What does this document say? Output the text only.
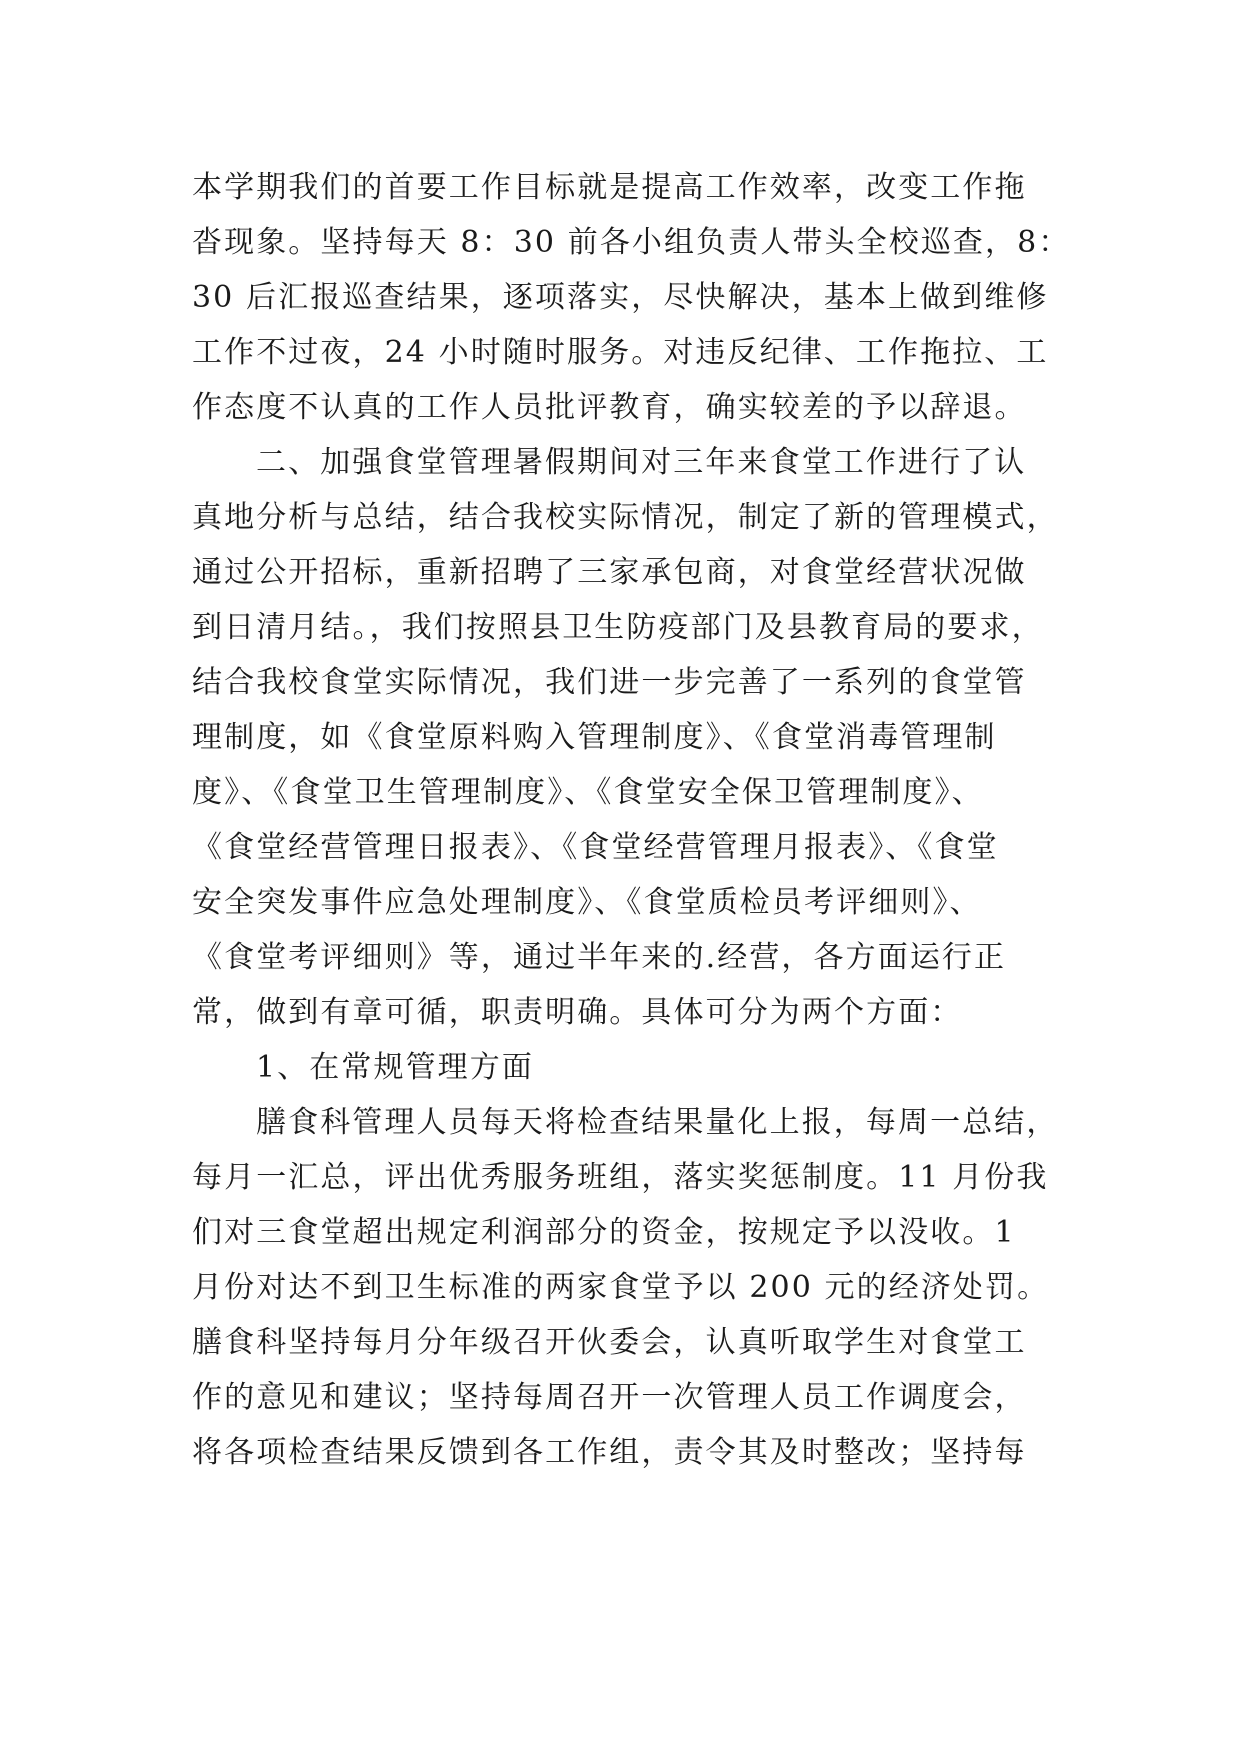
本学期我们的首要工作目标就是提高工作效率，改变工作拖
沓现象。坚持每天 8：30 前各小组负责人带头全校巡查，8：
30 后汇报巡查结果，逐项落实，尽快解决，基本上做到维修
工作不过夜，24 小时随时服务。对违反纪律、工作拖拉、工
作态度不认真的工作人员批评教育，确实较差的予以辞退。
二、加强食堂管理暑假期间对三年来食堂工作进行了认
真地分析与总结，结合我校实际情况，制定了新的管理模式，
通过公开招标，重新招聘了三家承包商，对食堂经营状况做
到日清月结。，我们按照县卫生防疫部门及县教育局的要求，
结合我校食堂实际情况，我们进一步完善了一系列的食堂管
理制度，如《食堂原料购入管理制度》、《食堂消毒管理制
度》、《食堂卫生管理制度》、《食堂安全保卫管理制度》、
《食堂经营管理日报表》、《食堂经营管理月报表》、《食堂
安全突发事件应急处理制度》、《食堂质检员考评细则》、
《食堂考评细则》等，通过半年来的.经营，各方面运行正
常，做到有章可循，职责明确。具体可分为两个方面：
1、在常规管理方面
膳食科管理人员每天将检查结果量化上报，每周一总结，
每月一汇总，评出优秀服务班组，落实奖惩制度。11 月份我
们对三食堂超出规定利润部分的资金，按规定予以没收。1
月份对达不到卫生标准的两家食堂予以 200 元的经济处罚。
膳食科坚持每月分年级召开伙委会，认真听取学生对食堂工
作的意见和建议；坚持每周召开一次管理人员工作调度会，
将各项检查结果反馈到各工作组，责令其及时整改；坚持每
